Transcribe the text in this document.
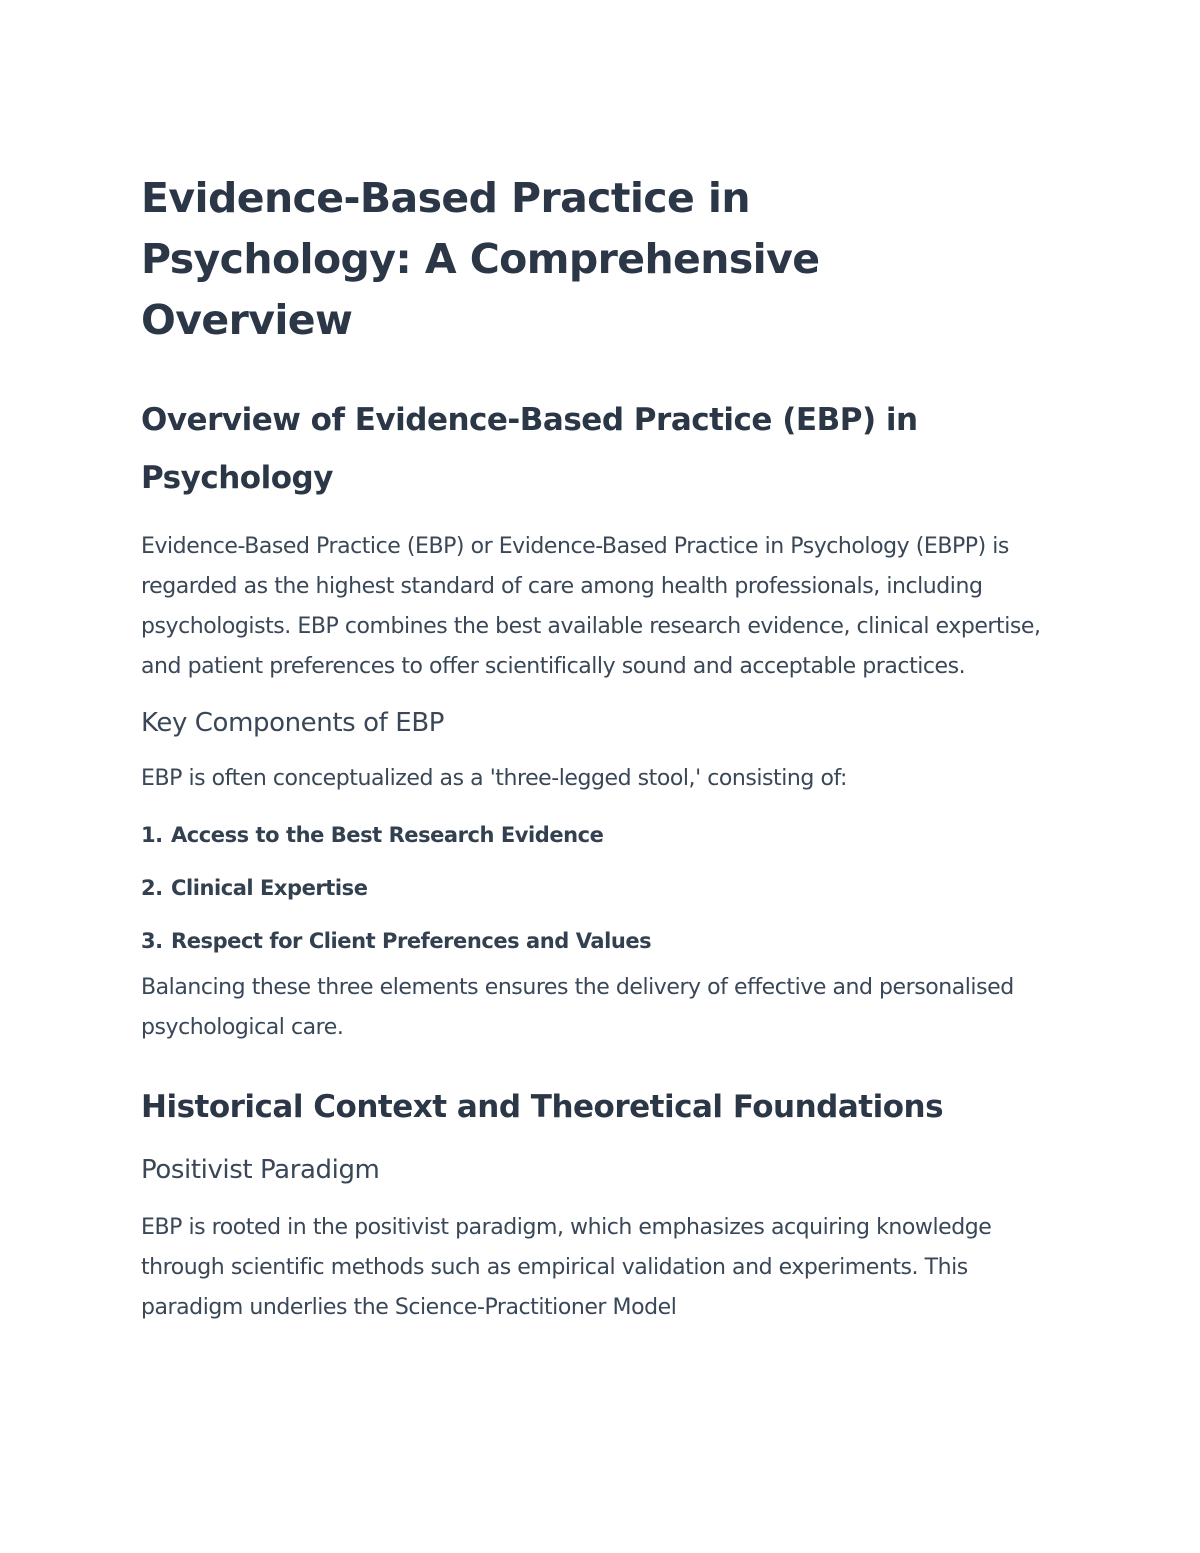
Evidence-Based Practice in Psychology: A Comprehensive Overview
Overview of Evidence-Based Practice (EBP) in Psychology

Evidence-Based Practice (EBP) or Evidence-Based Practice in Psychology (EBPP) is regarded as the highest standard of care among health professionals, including psychologists. EBP combines the best available research evidence, clinical expertise, and patient preferences to offer scientifically sound and acceptable practices.

Key Components of EBP

EBP is often conceptualized as a 'three-legged stool,' consisting of:

1. Access to the Best Research Evidence
2. Clinical Expertise
3. Respect for Client Preferences and Values

Balancing these three elements ensures the delivery of effective and personalised psychological care.

Historical Context and Theoretical Foundations
Positivist Paradigm

EBP is rooted in the positivist paradigm, which emphasizes acquiring knowledge through scientific methods such as empirical validation and experiments. This paradigm underlies the Science-Practitioner Model
